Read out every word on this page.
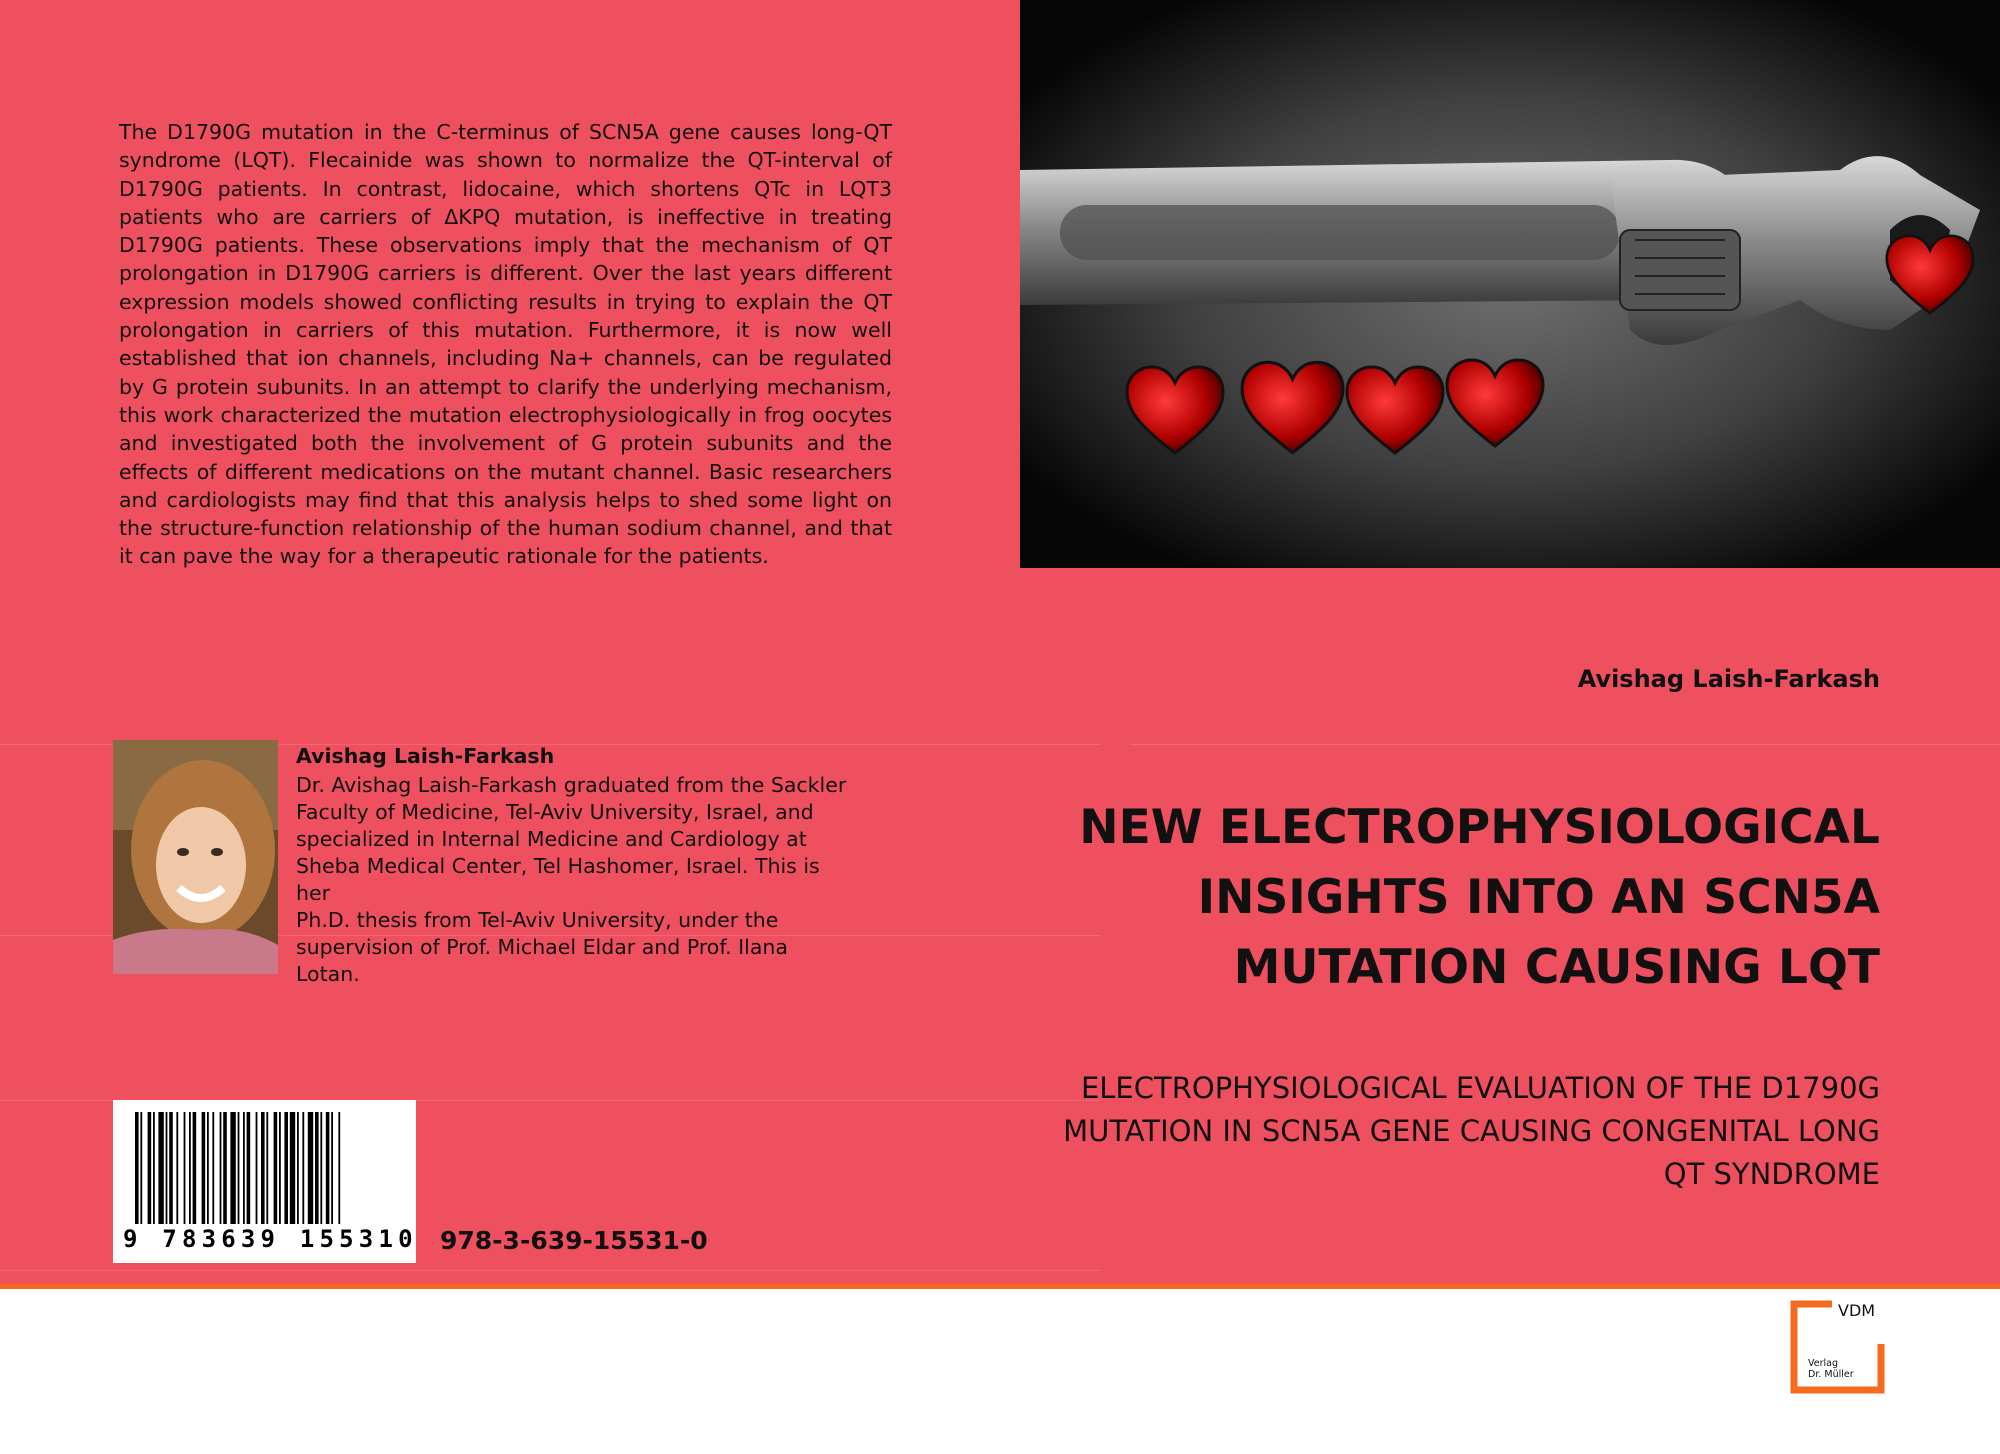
The D1790G mutation in the C-terminus of SCN5A gene causes long-QT syndrome (LQT). Flecainide was shown to normalize the QT-interval of D1790G patients. In contrast, lidocaine, which shortens QTc in LQT3 patients who are carriers of ΔKPQ mutation, is ineffective in treating D1790G patients. These observations imply that the mechanism of QT prolongation in D1790G carriers is different. Over the last years different expression models showed conflicting results in trying to explain the QT prolongation in carriers of this mutation. Furthermore, it is now well established that ion channels, including Na+ channels, can be regulated by G protein subunits. In an attempt to clarify the underlying mechanism, this work characterized the mutation electrophysiologically in frog oocytes and investigated both the involvement of G protein subunits and the effects of different medications on the mutant channel. Basic researchers and cardiologists may find that this analysis helps to shed some light on the structure-function relationship of the human sodium channel, and that it can pave the way for a therapeutic rationale for the patients.
Avishag Laish-Farkash
Dr. Avishag Laish-Farkash graduated from the Sackler
Faculty of Medicine, Tel-Aviv University, Israel, and
specialized in Internal Medicine and Cardiology at
Sheba Medical Center, Tel Hashomer, Israel. This is her
Ph.D. thesis from Tel-Aviv University, under the
supervision of Prof. Michael Eldar and Prof. Ilana Lotan.
9 783639 155310 978-3-639-15531-0
Avishag Laish-Farkash
NEW ELECTROPHYSIOLOGICAL INSIGHTS INTO AN SCN5A MUTATION CAUSING LQT
ELECTROPHYSIOLOGICAL EVALUATION OF THE D1790G MUTATION IN SCN5A GENE CAUSING CONGENITAL LONG QT SYNDROME
VDM
Verlag
Dr. Müller
